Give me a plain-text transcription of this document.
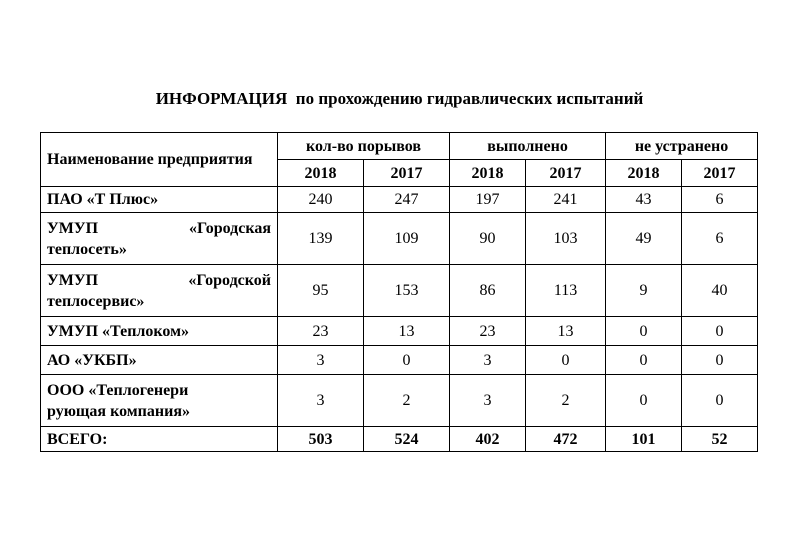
ИНФОРМАЦИЯ  по прохождению гидравлических испытаний
Наименование предприятия	кол-во порывов		выполнено		не устранено	
	2018	2017	2018	2017	2018	2017
ПАО «Т Плюс»	240	247	197	241	43	6

УМУП «Городская
теплосеть»	139	109	90	103	49	6

УМУП «Городской
теплосервис»	95	153	86	113	9	40
УМУП «Теплоком»	23	13	23	13	0	0
АО «УКБП»	3	0	3	0	0	0

ООО «Теплогенери
рующая компания»	3	2	3	2	0	0
ВСЕГО:	503	524	402	472	101	52
